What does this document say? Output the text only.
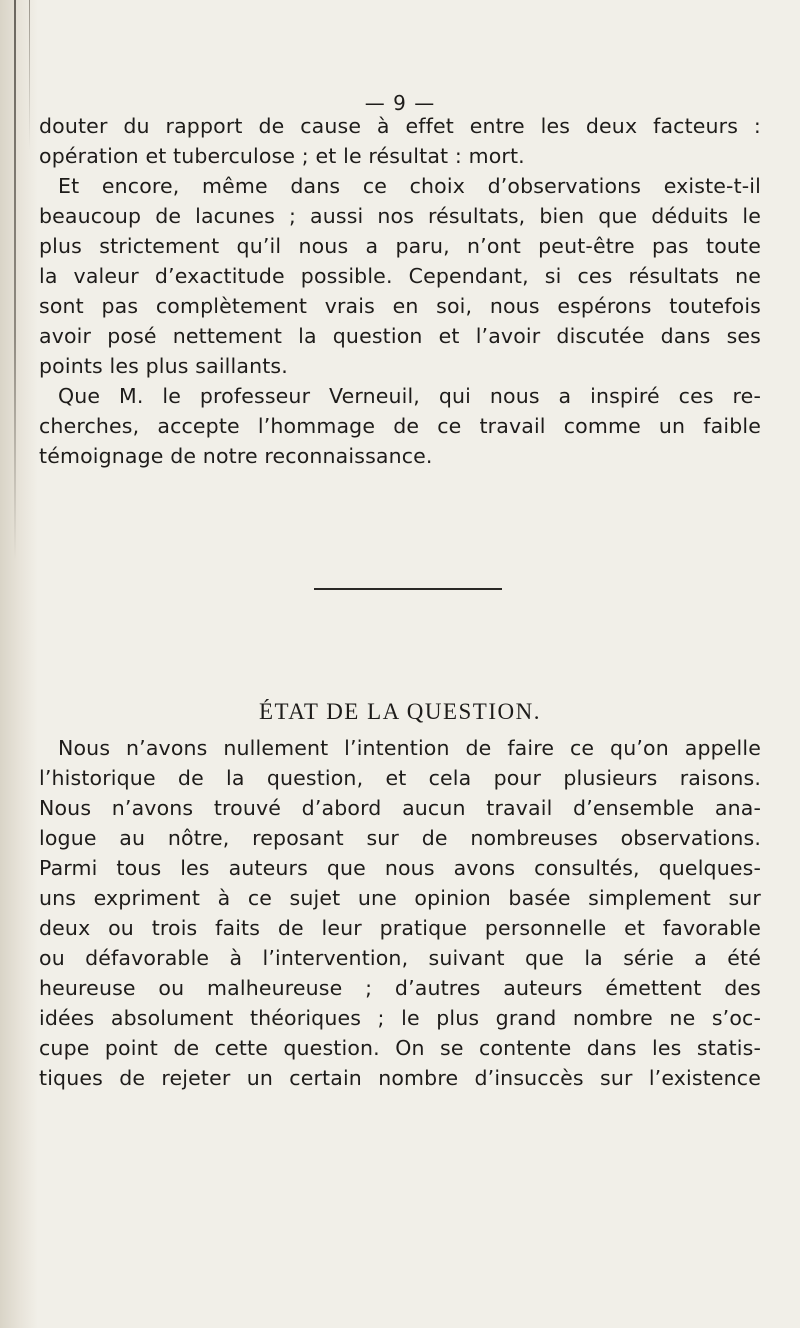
— 9 —
douter du rapport de cause à effet entre les deux facteurs :
opération et tuberculose ; et le résultat : mort.
Et encore, même dans ce choix d’observations existe-t-il
beaucoup de lacunes ; aussi nos résultats, bien que déduits le
plus strictement qu’il nous a paru, n’ont peut-être pas toute
la valeur d’exactitude possible. Cependant, si ces résultats ne
sont pas complètement vrais en soi, nous espérons toutefois
avoir posé nettement la question et l’avoir discutée dans ses
points les plus saillants.
Que M. le professeur Verneuil, qui nous a inspiré ces re-
cherches, accepte l’hommage de ce travail comme un faible
témoignage de notre reconnaissance.
ÉTAT DE LA QUESTION.
Nous n’avons nullement l’intention de faire ce qu’on appelle
l’historique de la question, et cela pour plusieurs raisons.
Nous n’avons trouvé d’abord aucun travail d’ensemble ana-
logue au nôtre, reposant sur de nombreuses observations.
Parmi tous les auteurs que nous avons consultés, quelques-
uns expriment à ce sujet une opinion basée simplement sur
deux ou trois faits de leur pratique personnelle et favorable
ou défavorable à l’intervention, suivant que la série a été
heureuse ou malheureuse ; d’autres auteurs émettent des
idées absolument théoriques ; le plus grand nombre ne s’oc-
cupe point de cette question. On se contente dans les statis-
tiques de rejeter un certain nombre d’insuccès sur l’existence
